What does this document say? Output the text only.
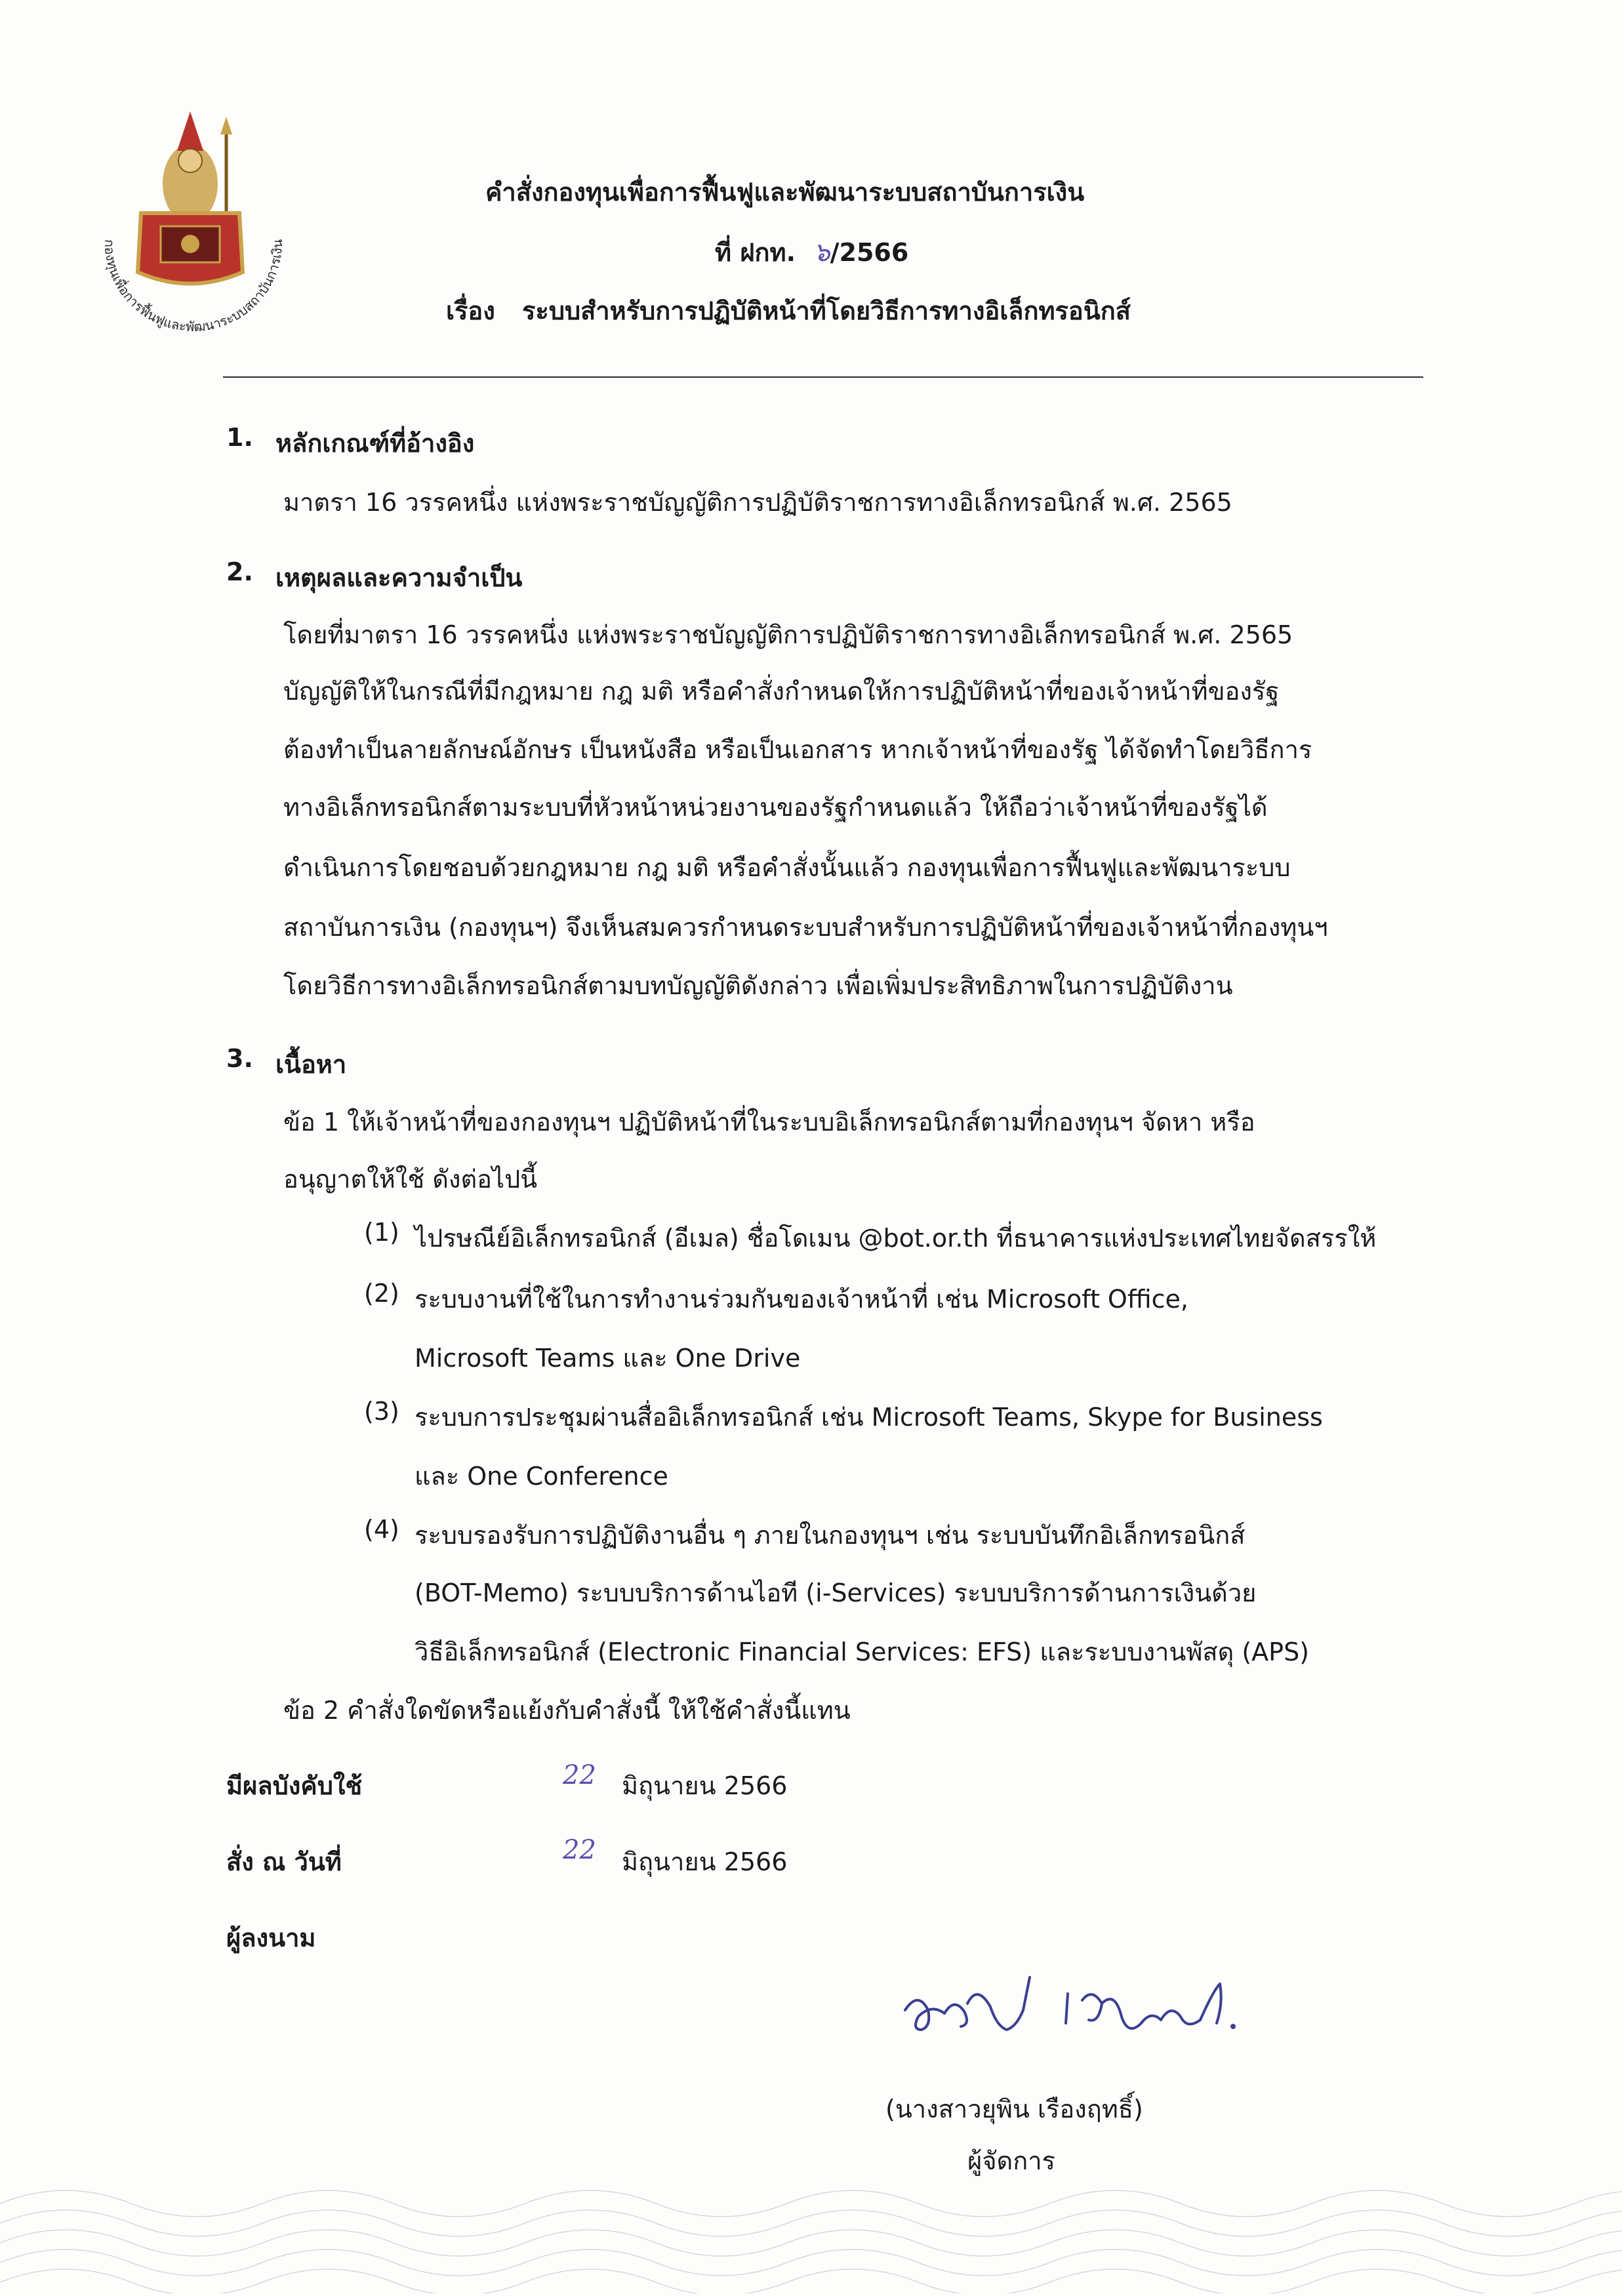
กองทุนเพื่อการฟื้นฟูและพัฒนาระบบสถาบันการเงิน
คำสั่งกองทุนเพื่อการฟื้นฟูและพัฒนาระบบสถาบันการเงิน
ที่ ฝกท. ๖/2566
เรื่อง ระบบสำหรับการปฏิบัติหน้าที่โดยวิธีการทางอิเล็กทรอนิกส์
1. หลักเกณฑ์ที่อ้างอิง
มาตรา 16 วรรคหนึ่ง แห่งพระราชบัญญัติการปฏิบัติราชการทางอิเล็กทรอนิกส์ พ.ศ. 2565
2. เหตุผลและความจำเป็น
โดยที่มาตรา 16 วรรคหนึ่ง แห่งพระราชบัญญัติการปฏิบัติราชการทางอิเล็กทรอนิกส์ พ.ศ. 2565
บัญญัติให้ในกรณีที่มีกฎหมาย กฎ มติ หรือคำสั่งกำหนดให้การปฏิบัติหน้าที่ของเจ้าหน้าที่ของรัฐ
ต้องทำเป็นลายลักษณ์อักษร เป็นหนังสือ หรือเป็นเอกสาร หากเจ้าหน้าที่ของรัฐ ได้จัดทำโดยวิธีการ
ทางอิเล็กทรอนิกส์ตามระบบที่หัวหน้าหน่วยงานของรัฐกำหนดแล้ว ให้ถือว่าเจ้าหน้าที่ของรัฐได้
ดำเนินการโดยชอบด้วยกฎหมาย กฎ มติ หรือคำสั่งนั้นแล้ว กองทุนเพื่อการฟื้นฟูและพัฒนาระบบ
สถาบันการเงิน (กองทุนฯ) จึงเห็นสมควรกำหนดระบบสำหรับการปฏิบัติหน้าที่ของเจ้าหน้าที่กองทุนฯ
โดยวิธีการทางอิเล็กทรอนิกส์ตามบทบัญญัติดังกล่าว เพื่อเพิ่มประสิทธิภาพในการปฏิบัติงาน
3. เนื้อหา
ข้อ 1 ให้เจ้าหน้าที่ของกองทุนฯ ปฏิบัติหน้าที่ในระบบอิเล็กทรอนิกส์ตามที่กองทุนฯ จัดหา หรือ
อนุญาตให้ใช้ ดังต่อไปนี้
(1) ไปรษณีย์อิเล็กทรอนิกส์ (อีเมล) ชื่อโดเมน @bot.or.th ที่ธนาคารแห่งประเทศไทยจัดสรรให้
(2) ระบบงานที่ใช้ในการทำงานร่วมกันของเจ้าหน้าที่ เช่น Microsoft Office,
Microsoft Teams และ One Drive
(3) ระบบการประชุมผ่านสื่ออิเล็กทรอนิกส์ เช่น Microsoft Teams, Skype for Business
และ One Conference
(4) ระบบรองรับการปฏิบัติงานอื่น ๆ ภายในกองทุนฯ เช่น ระบบบันทึกอิเล็กทรอนิกส์
(BOT-Memo) ระบบบริการด้านไอที (i-Services) ระบบบริการด้านการเงินด้วย
วิธีอิเล็กทรอนิกส์ (Electronic Financial Services: EFS) และระบบงานพัสดุ (APS)
ข้อ 2 คำสั่งใดขัดหรือแย้งกับคำสั่งนี้ ให้ใช้คำสั่งนี้แทน
มีผลบังคับใช้	22 มิถุนายน 2566
สั่ง ณ วันที่	22 มิถุนายน 2566
ผู้ลงนาม
(นางสาวยุพิน เรืองฤทธิ์)
ผู้จัดการ
